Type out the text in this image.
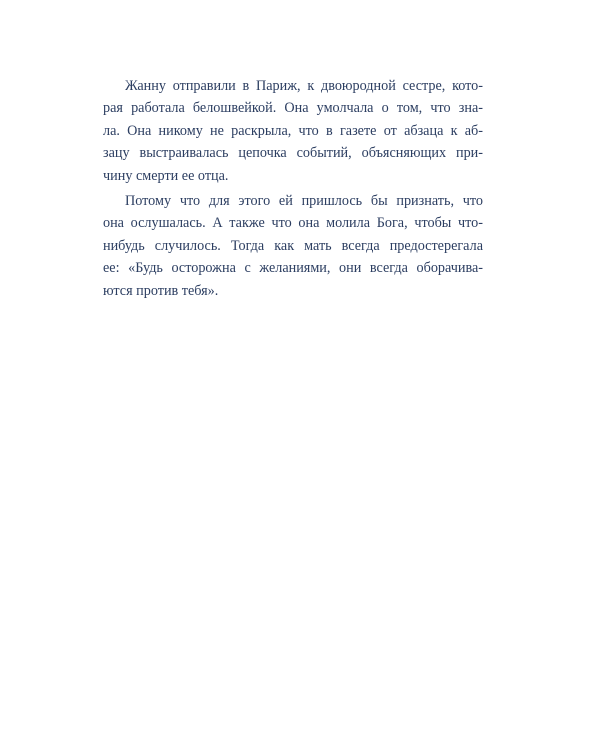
Жанну отправили в Париж, к двоюродной сестре, кото-
рая работала белошвейкой. Она умолчала о том, что зна-
ла. Она никому не раскрыла, что в газете от абзаца к аб-
зацу выстраивалась цепочка событий, объясняющих при-
чину смерти ее отца.
Потому что для этого ей пришлось бы признать, что
она ослушалась. А также что она молила Бога, чтобы что-
нибудь случилось. Тогда как мать всегда предостерегала
ее: «Будь осторожна с желаниями, они всегда оборачива-
ются против тебя».
